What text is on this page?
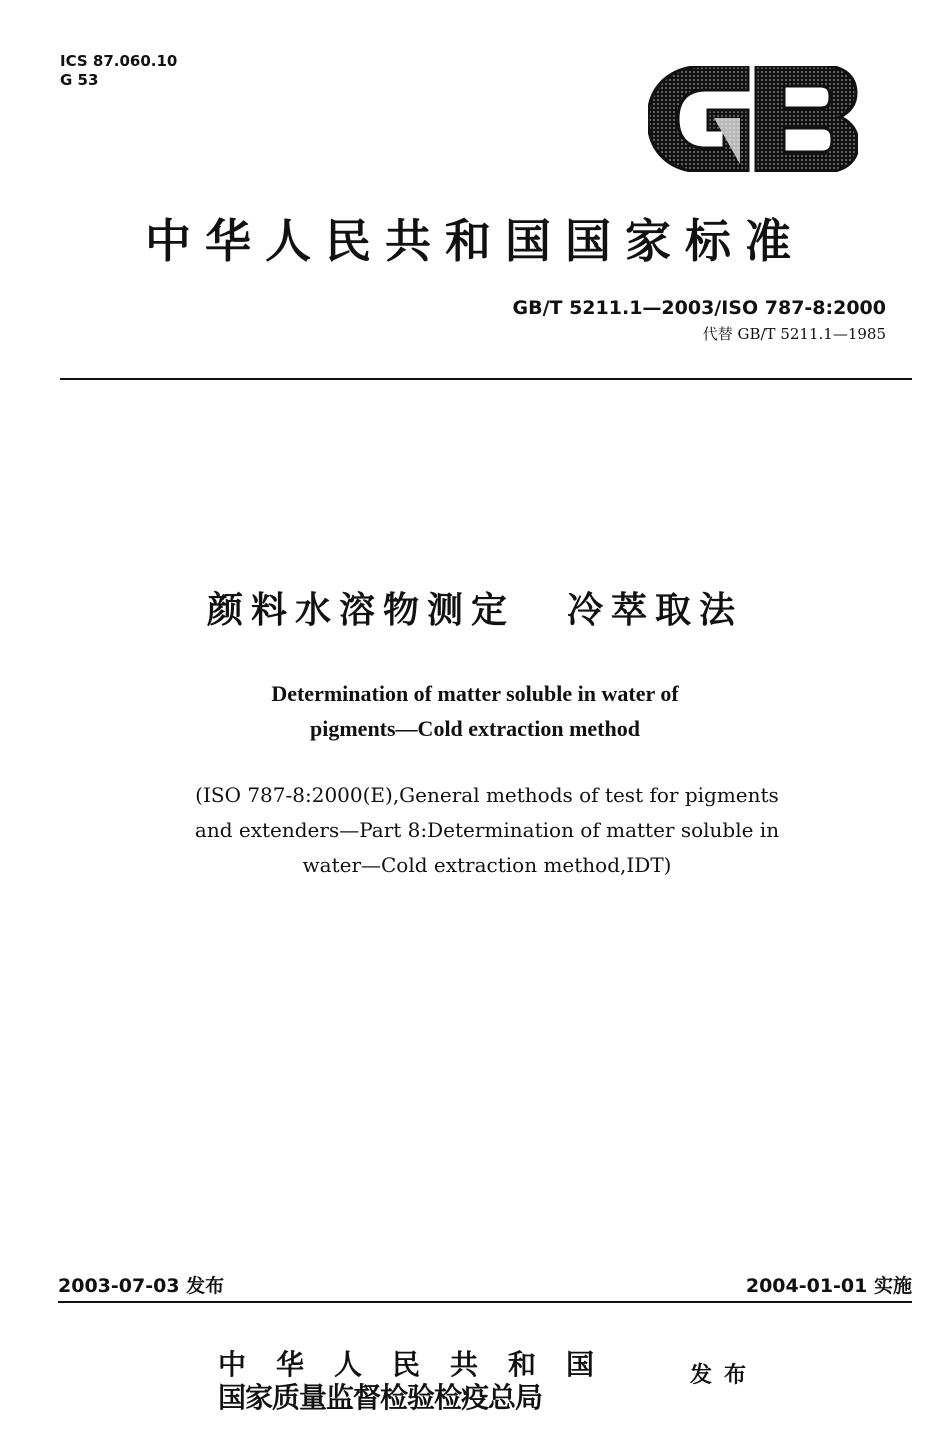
ICS 87.060.10
G 53
中华人民共和国国家标准
GB/T 5211.1—2003/ISO 787-8:2000
代替 GB/T 5211.1—1985
颜料水溶物测定 冷萃取法
Determination of matter soluble in water of
pigments—Cold extraction method
(ISO 787-8:2000(E),General methods of test for pigments
and extenders—Part 8:Determination of matter soluble in
water—Cold extraction method,IDT)
2003-07-03 发布	2004-01-01 实施
中华人民共和国
国家质量监督检验检疫总局
发布
